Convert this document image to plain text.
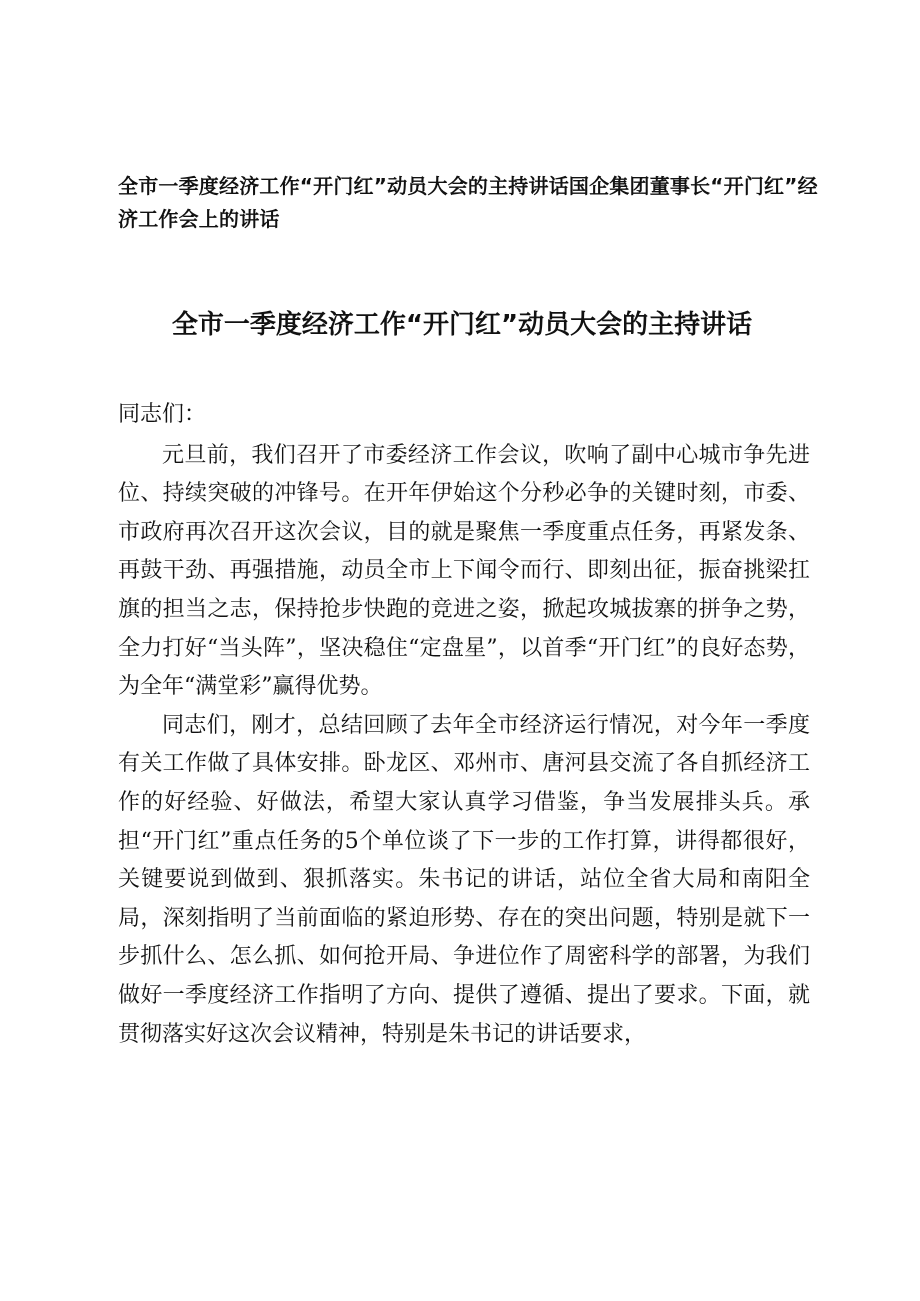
全市一季度经济工作“开门红”动员大会的主持讲话国企集团董事长“开门红”经济工作会上的讲话
全市一季度经济工作“开门红”动员大会的主持讲话

同志们：

元旦前，我们召开了市委经济工作会议，吹响了副中心城市争先进位、持续突破的冲锋号。在开年伊始这个分秒必争的关键时刻，市委、市政府再次召开这次会议，目的就是聚焦一季度重点任务，再紧发条、再鼓干劲、再强措施，动员全市上下闻令而行、即刻出征，振奋挑梁扛旗的担当之志，保持抢步快跑的竞进之姿，掀起攻城拔寨的拼争之势，全力打好“当头阵”，坚决稳住“定盘星”，以首季“开门红”的良好态势，为全年“满堂彩”赢得优势。

同志们，刚才，总结回顾了去年全市经济运行情况，对今年一季度有关工作做了具体安排。卧龙区、邓州市、唐河县交流了各自抓经济工作的好经验、好做法，希望大家认真学习借鉴，争当发展排头兵。承担“开门红”重点任务的5个单位谈了下一步的工作打算，讲得都很好，关键要说到做到、狠抓落实。朱书记的讲话，站位全省大局和南阳全局，深刻指明了当前面临的紧迫形势、存在的突出问题，特别是就下一步抓什么、怎么抓、如何抢开局、争进位作了周密科学的部署，为我们做好一季度经济工作指明了方向、提供了遵循、提出了要求。下面，就贯彻落实好这次会议精神，特别是朱书记的讲话要求，
